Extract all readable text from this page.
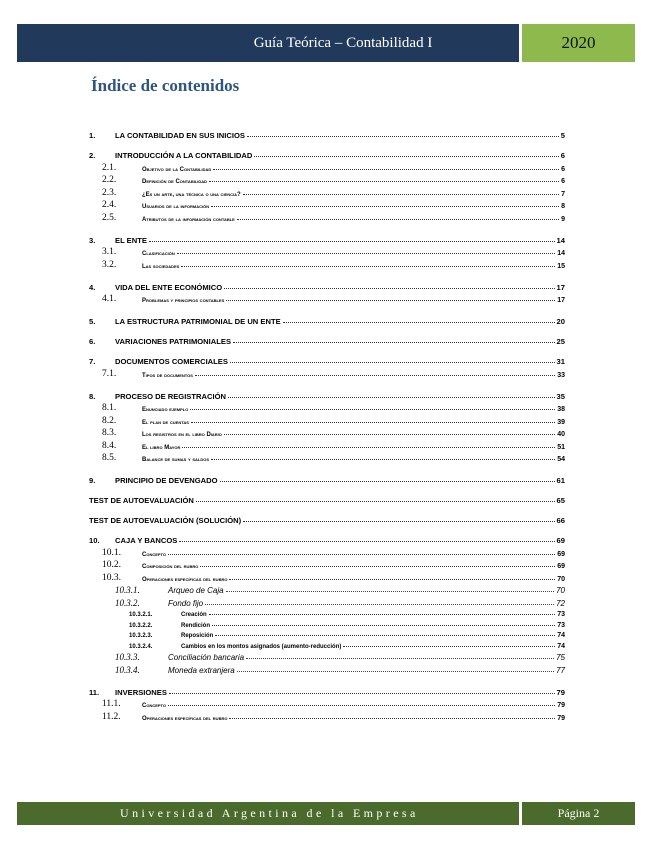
Guía Teórica – Contabilidad I	2020
Índice de contenidos
1.	LA CONTABILIDAD EN SUS INICIOS	5
2.	INTRODUCCIÓN A LA CONTABILIDAD	6
2.1.	Objetivo de la Contabilidad	6
2.2.	Definición de Contabilidad	6
2.3.	¿Es un arte, una técnica o una ciencia?	7
2.4.	Usuarios de la información	8
2.5.	Atributos de la información contable	9
3.	EL ENTE	14
3.1.	Clasificación	14
3.2.	Las sociedades	15
4.	VIDA DEL ENTE ECONÓMICO	17
4.1.	Problemas y principios contables	17
5.	LA ESTRUCTURA PATRIMONIAL DE UN ENTE	20
6.	VARIACIONES PATRIMONIALES	25
7.	DOCUMENTOS COMERCIALES	31
7.1.	Tipos de documentos	33
8.	PROCESO DE REGISTRACIÓN	35
8.1.	Enunciado ejemplo	38
8.2.	El plan de cuentas	39
8.3.	Los registros en el libro Diario	40
8.4.	El libro Mayor	51
8.5.	Balance de sumas y saldos	54
9.	PRINCIPIO DE DEVENGADO	61
TEST DE AUTOEVALUACIÓN	65
TEST DE AUTOEVALUACIÓN (SOLUCIÓN)	66
10.	CAJA Y BANCOS	69
10.1.	Concepto	69
10.2.	Composición del rubro	69
10.3.	Operaciones específicas del rubro	70
10.3.1.	Arqueo de Caja	70
10.3.2.	Fondo fijo	72
10.3.2.1.	Creación	73
10.3.2.2.	Rendición	73
10.3.2.3.	Reposición	74
10.3.2.4.	Cambios en los montos asignados (aumento-reducción)	74
10.3.3.	Conciliación bancaria	75
10.3.4.	Moneda extranjera	77
11.	INVERSIONES	79
11.1.	Concepto	79
11.2.	Operaciones específicas del rubro	79
Universidad Argentina de la Empresa	Página 2
